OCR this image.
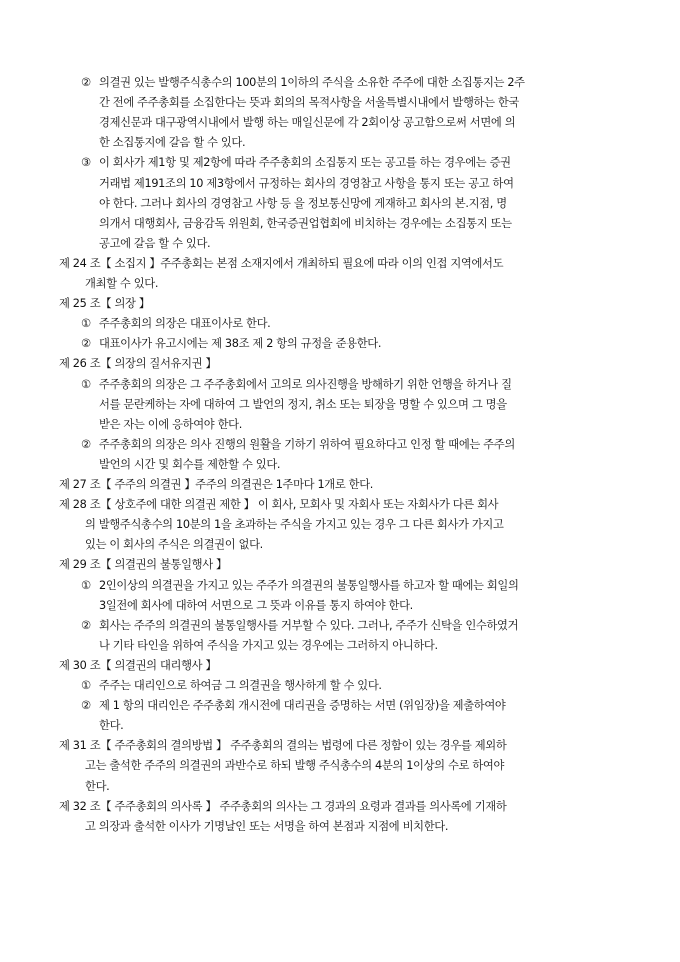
② 의결권 있는 발행주식총수의 100분의 1이하의 주식을 소유한 주주에 대한 소집통지는 2주
간 전에 주주총회를 소집한다는 뜻과 회의의 목적사항을 서울특별시내에서 발행하는 한국
경제신문과 대구광역시내에서 발행 하는 매일신문에 각 2회이상 공고함으로써 서면에 의
한 소집통지에 갈음 할 수 있다.
③ 이 회사가 제1항 및 제2항에 따라 주주총회의 소집통지 또는 공고를 하는 경우에는 증권
거래법 제191조의 10 제3항에서 규정하는 회사의 경영참고 사항을 통지 또는 공고 하여
야 한다. 그러나 회사의 경영참고 사항 등 을 정보통신망에 게재하고 회사의 본.지점, 명
의개서 대행회사, 금융감독 위원회, 한국증권업협회에 비치하는 경우에는 소집통지 또는
공고에 갈음 할 수 있다.
제 24 조【 소집지 】주주총회는 본점 소재지에서 개최하되 필요에 따라 이의 인접 지역에서도
개최할 수 있다.
제 25 조【 의장 】
① 주주총회의 의장은 대표이사로 한다.
② 대표이사가 유고시에는 제 38조 제 2 항의 규정을 준용한다.
제 26 조【 의장의 질서유지권 】
① 주주총회의 의장은 그 주주총회에서 고의로 의사진행을 방해하기 위한 언행을 하거나 질
서를 문란케하는 자에 대하여 그 발언의 정지, 취소 또는 퇴장을 명할 수 있으며 그 명을
받은 자는 이에 응하여야 한다.
② 주주총회의 의장은 의사 진행의 원활을 기하기 위하여 필요하다고 인정 할 때에는 주주의
발언의 시간 및 회수를 제한할 수 있다.
제 27 조【 주주의 의결권 】주주의 의결권은 1주마다 1개로 한다.
제 28 조【 상호주에 대한 의결권 제한 】 이 회사, 모회사 및 자회사 또는 자회사가 다른 회사
의 발행주식총수의 10분의 1을 초과하는 주식을 가지고 있는 경우 그 다른 회사가 가지고
있는 이 회사의 주식은 의결권이 없다.
제 29 조【 의결권의 불통일행사 】
① 2인이상의 의결권을 가지고 있는 주주가 의결권의 불통일행사를 하고자 할 때에는 회일의
3일전에 회사에 대하여 서면으로 그 뜻과 이유를 통지 하여야 한다.
② 회사는 주주의 의결권의 불통일행사를 거부할 수 있다. 그러나, 주주가 신탁을 인수하였거
나 기타 타인을 위하여 주식을 가지고 있는 경우에는 그러하지 아니하다.
제 30 조【 의결권의 대리행사 】
① 주주는 대리인으로 하여금 그 의결권을 행사하게 할 수 있다.
② 제 1 항의 대리인은 주주총회 개시전에 대리권을 증명하는 서면 (위임장)을 제출하여야
한다.
제 31 조【 주주총회의 결의방법 】 주주총회의 결의는 법령에 다른 정함이 있는 경우를 제외하
고는 출석한 주주의 의결권의 과반수로 하되 발행 주식총수의 4분의 1이상의 수로 하여야
한다.
제 32 조【 주주총회의 의사록 】 주주총회의 의사는 그 경과의 요령과 결과를 의사록에 기재하
고 의장과 출석한 이사가 기명날인 또는 서명을 하여 본점과 지점에 비치한다.
